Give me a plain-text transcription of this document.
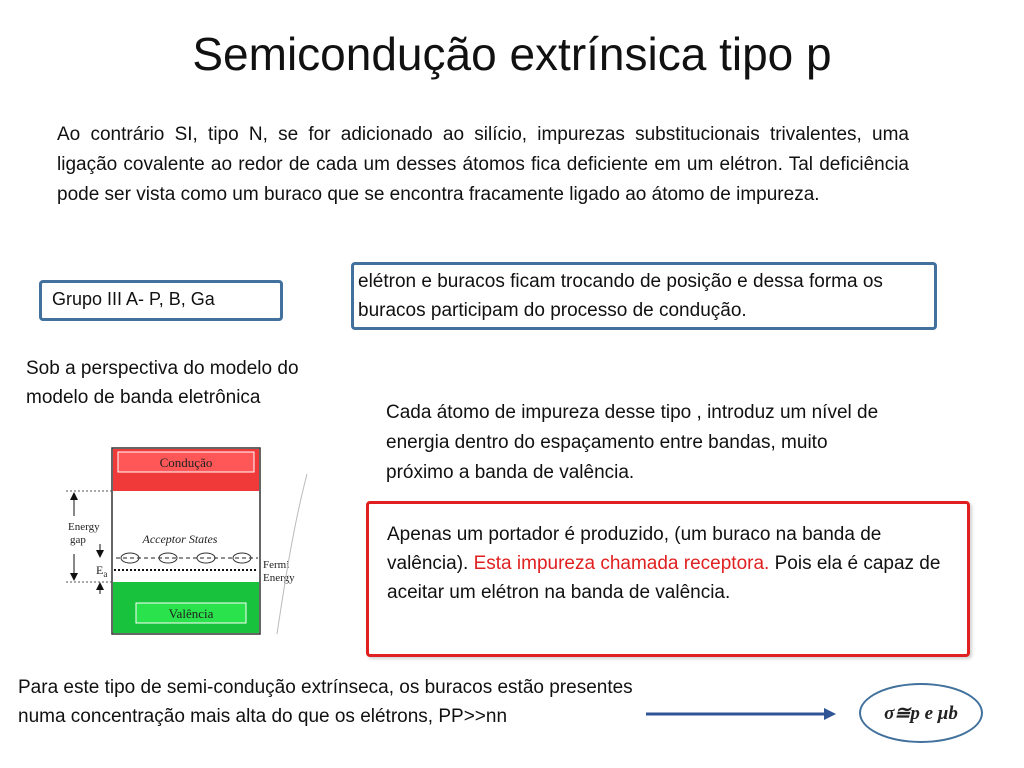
Semicondução extrínsica tipo p
Ao contrário SI, tipo N, se for adicionado ao silício, impurezas substitucionais trivalentes, uma ligação covalente ao redor de cada um desses átomos fica deficiente em um elétron. Tal deficiência pode ser vista como um buraco que se encontra fracamente ligado ao átomo de impureza.
Grupo III A- P, B, Ga
elétron e buracos ficam trocando de posição e dessa forma os buracos participam do processo de condução.
Sob a perspectiva do modelo do modelo de banda eletrônica
Cada átomo de impureza desse tipo , introduz um nível de energia dentro do espaçamento entre bandas, muito próximo a banda de valência.
Apenas um portador é produzido, (um buraco na banda de valência). Esta impureza chamada receptora. Pois ela é capaz de aceitar um elétron na banda de valência.
Condução
Valência
Acceptor States
Energy
gap
$E_a$
Fermi
Energy
Para este tipo de semi-condução extrínseca, os buracos estão presentes numa concentração mais alta do que os elétrons, PP>>nn	σ≅p e μb
